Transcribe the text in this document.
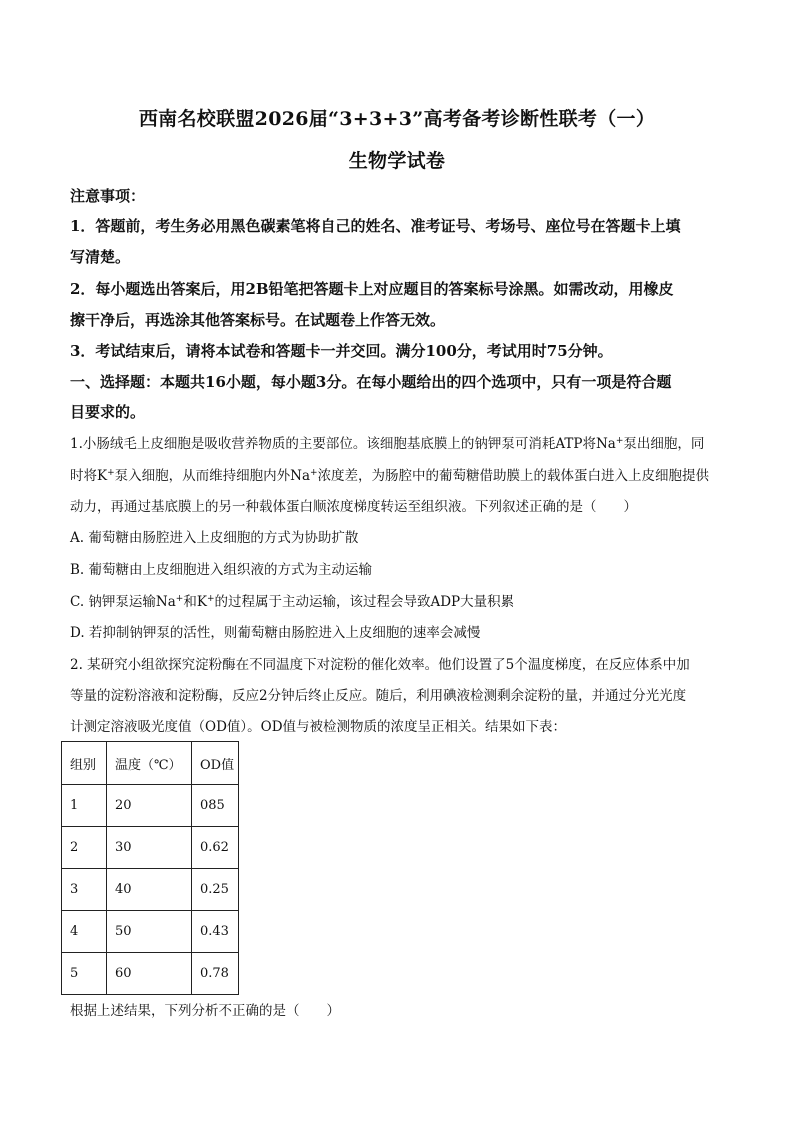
西南名校联盟2026届“3+3+3”高考备考诊断性联考（一）
生物学试卷
注意事项：
1．答题前，考生务必用黑色碳素笔将自己的姓名、准考证号、考场号、座位号在答题卡上填
写清楚。
2．每小题选出答案后，用2B铅笔把答题卡上对应题目的答案标号涂黑。如需改动，用橡皮
擦干净后，再选涂其他答案标号。在试题卷上作答无效。
3．考试结束后，请将本试卷和答题卡一并交回。满分100分，考试用时75分钟。
一、选择题：本题共16小题，每小题3分。在每小题给出的四个选项中，只有一项是符合题
目要求的。
1.小肠绒毛上皮细胞是吸收营养物质的主要部位。该细胞基底膜上的钠钾泵可消耗ATP将Na+泵出细胞，同
时将K+泵入细胞，从而维持细胞内外Na+浓度差，为肠腔中的葡萄糖借助膜上的载体蛋白进入上皮细胞提供
动力，再通过基底膜上的另一种载体蛋白顺浓度梯度转运至组织液。下列叙述正确的是（　　）
A. 葡萄糖由肠腔进入上皮细胞的方式为协助扩散
B. 葡萄糖由上皮细胞进入组织液的方式为主动运输
C. 钠钾泵运输Na+和K+的过程属于主动运输，该过程会导致ADP大量积累
D. 若抑制钠钾泵的活性，则葡萄糖由肠腔进入上皮细胞的速率会减慢
2. 某研究小组欲探究淀粉酶在不同温度下对淀粉的催化效率。他们设置了5个温度梯度，在反应体系中加
等量的淀粉溶液和淀粉酶，反应2分钟后终止反应。随后，利用碘液检测剩余淀粉的量，并通过分光光度
计测定溶液吸光度值（OD值）。OD值与被检测物质的浓度呈正相关。结果如下表：
组别	温度（℃）	OD值
1	20	085
2	30	0.62
3	40	0.25
4	50	0.43
5	60	0.78
根据上述结果，下列分析不正确的是（　　）
